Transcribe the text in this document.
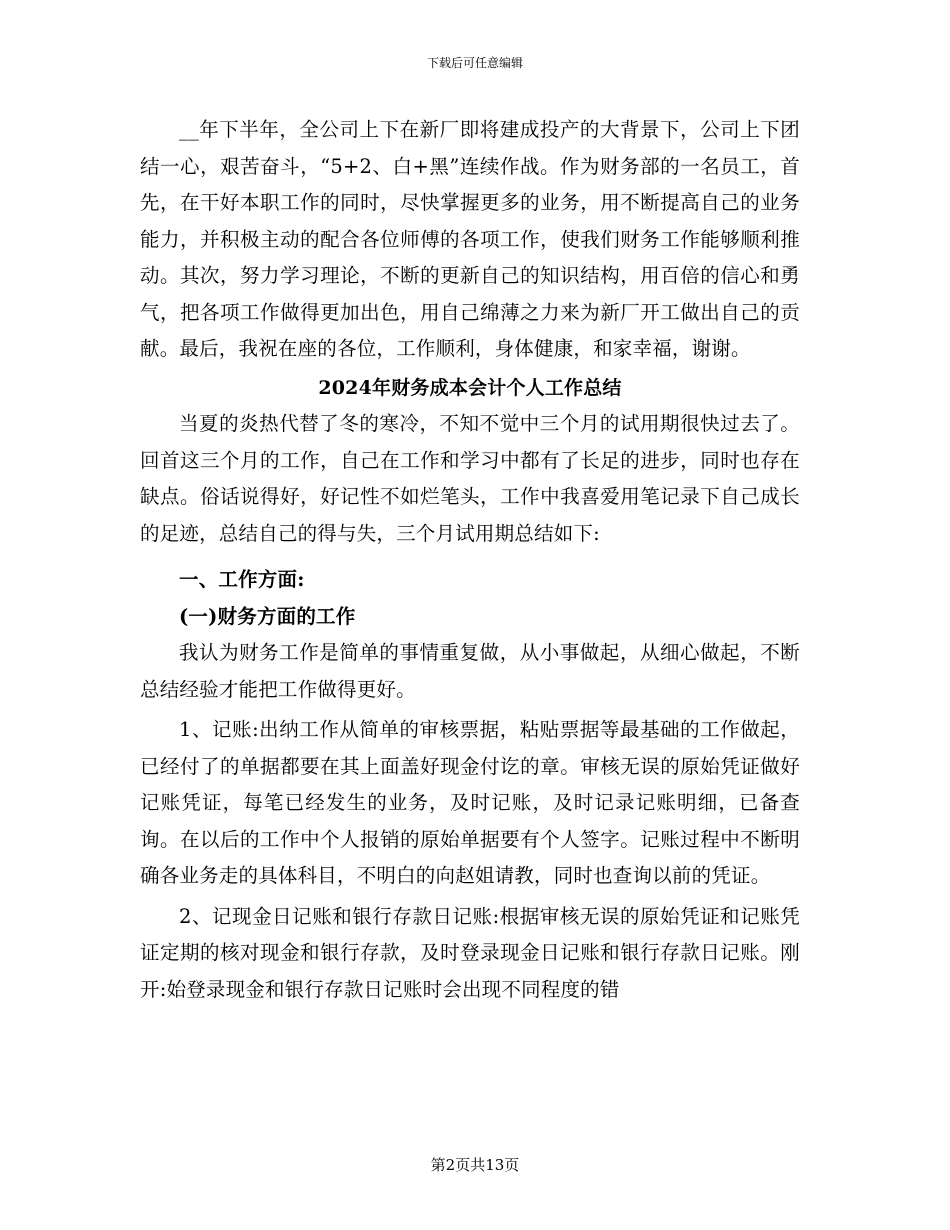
下载后可任意编辑

__年下半年，全公司上下在新厂即将建成投产的大背景下，公司上下团结一心，艰苦奋斗，“5+2、白+黑”连续作战。作为财务部的一名员工，首先，在干好本职工作的同时，尽快掌握更多的业务，用不断提高自己的业务能力，并积极主动的配合各位师傅的各项工作，使我们财务工作能够顺利推动。其次，努力学习理论，不断的更新自己的知识结构，用百倍的信心和勇气，把各项工作做得更加出色，用自己绵薄之力来为新厂开工做出自己的贡献。最后，我祝在座的各位，工作顺利，身体健康，和家幸福，谢谢。

2024年财务成本会计个人工作总结

当夏的炎热代替了冬的寒冷，不知不觉中三个月的试用期很快过去了。回首这三个月的工作，自己在工作和学习中都有了长足的进步，同时也存在缺点。俗话说得好，好记性不如烂笔头，工作中我喜爱用笔记录下自己成长的足迹，总结自己的得与失，三个月试用期总结如下:

一、工作方面:

(一)财务方面的工作

我认为财务工作是简单的事情重复做，从小事做起，从细心做起，不断总结经验才能把工作做得更好。

1、记账:出纳工作从简单的审核票据，粘贴票据等最基础的工作做起，已经付了的单据都要在其上面盖好现金付讫的章。审核无误的原始凭证做好记账凭证，每笔已经发生的业务，及时记账，及时记录记账明细，已备查询。在以后的工作中个人报销的原始单据要有个人签字。记账过程中不断明确各业务走的具体科目，不明白的向赵姐请教，同时也查询以前的凭证。

2、记现金日记账和银行存款日记账:根据审核无误的原始凭证和记账凭证定期的核对现金和银行存款，及时登录现金日记账和银行存款日记账。刚开:始登录现金和银行存款日记账时会出现不同程度的错

第2页共13页
